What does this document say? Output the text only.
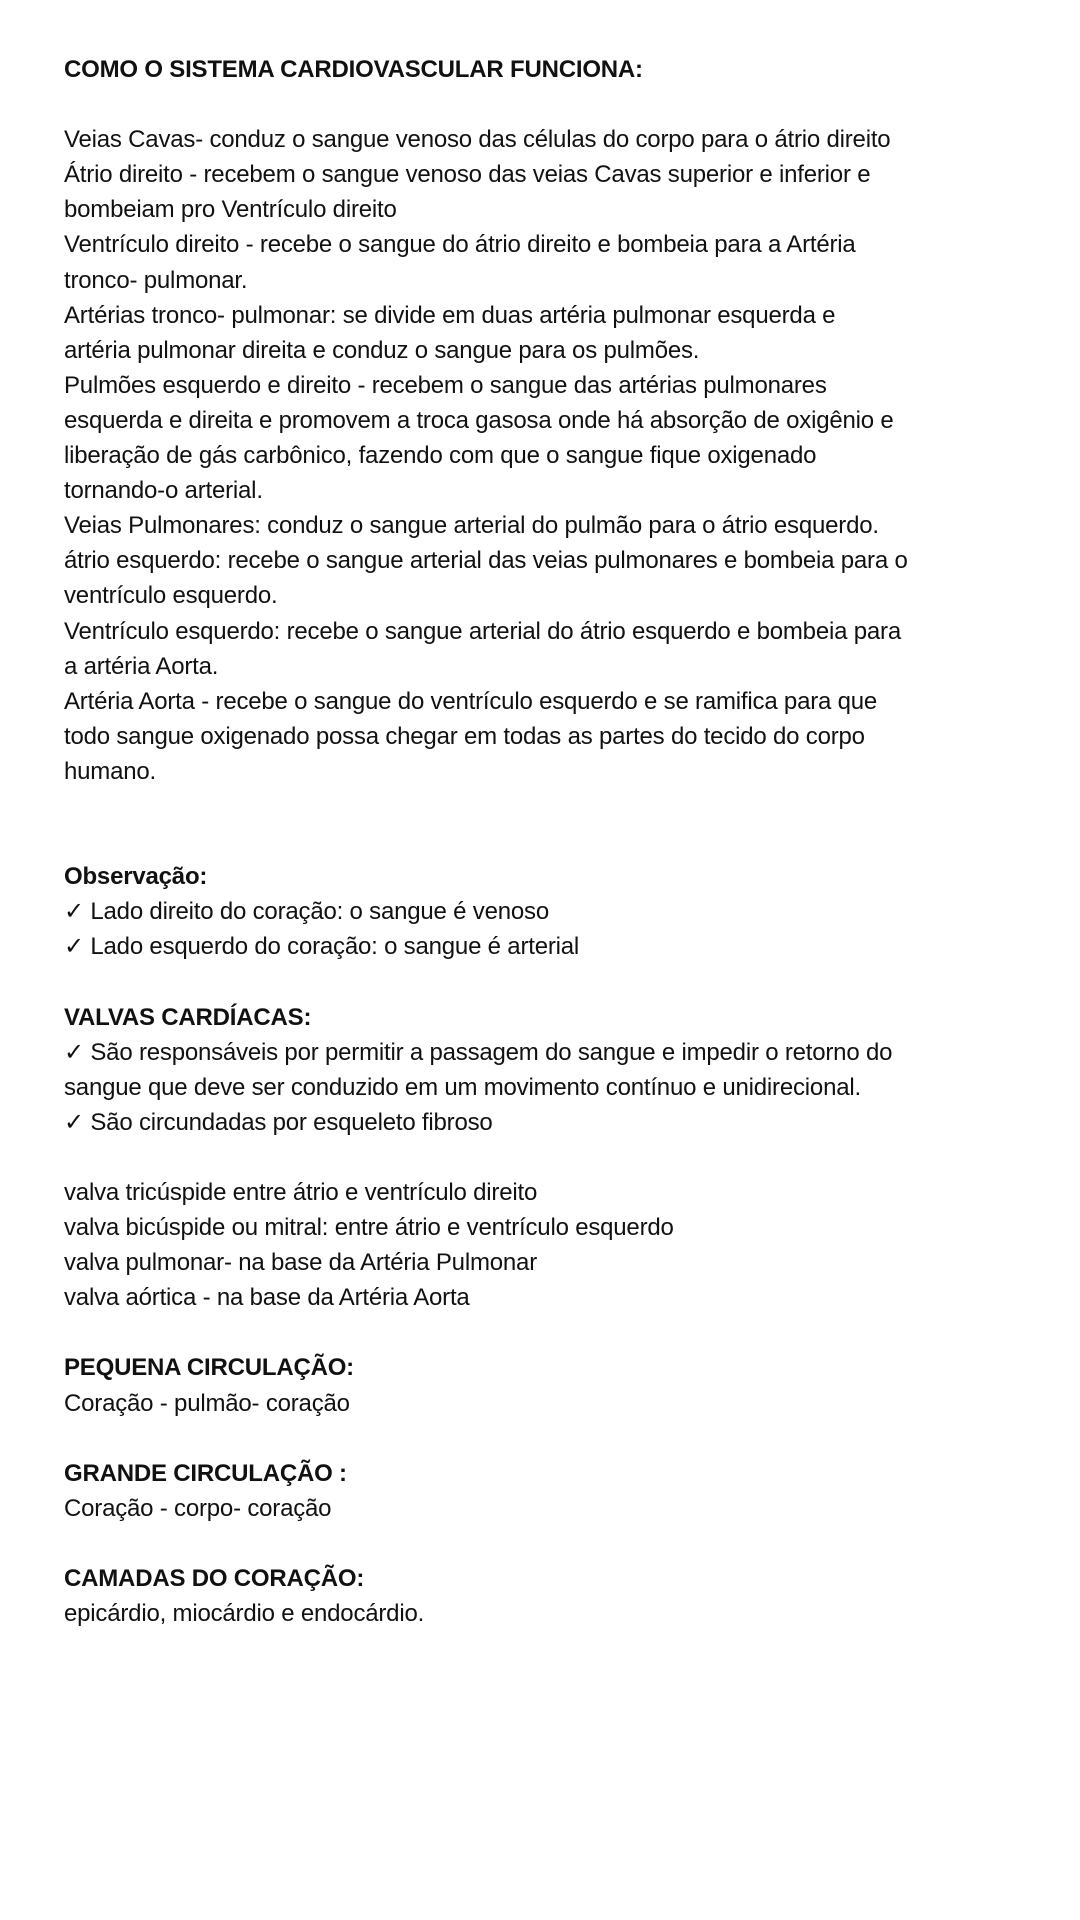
COMO O SISTEMA CARDIOVASCULAR FUNCIONA:
Veias Cavas- conduz o sangue venoso das células do corpo para o átrio direito
Átrio direito - recebem o sangue venoso das veias Cavas superior e inferior e
bombeiam pro Ventrículo direito
Ventrículo direito - recebe o sangue do átrio direito e bombeia para a Artéria
tronco- pulmonar.
Artérias tronco- pulmonar: se divide em duas artéria pulmonar esquerda e
artéria pulmonar direita e conduz o sangue para os pulmões.
Pulmões esquerdo e direito - recebem o sangue das artérias pulmonares
esquerda e direita e promovem a troca gasosa onde há absorção de oxigênio e
liberação de gás carbônico, fazendo com que o sangue fique oxigenado
tornando-o arterial.
Veias Pulmonares: conduz o sangue arterial do pulmão para o átrio esquerdo.
átrio esquerdo: recebe o sangue arterial das veias pulmonares e bombeia para o
ventrículo esquerdo.
Ventrículo esquerdo: recebe o sangue arterial do átrio esquerdo e bombeia para
a artéria Aorta.
Artéria Aorta - recebe o sangue do ventrículo esquerdo e se ramifica para que
todo sangue oxigenado possa chegar em todas as partes do tecido do corpo
humano.
Observação:
✓ Lado direito do coração: o sangue é venoso
✓ Lado esquerdo do coração: o sangue é arterial
VALVAS CARDÍACAS:
✓ São responsáveis por permitir a passagem do sangue e impedir o retorno do
sangue que deve ser conduzido em um movimento contínuo e unidirecional.
✓ São circundadas por esqueleto fibroso
valva tricúspide entre átrio e ventrículo direito
valva bicúspide ou mitral: entre átrio e ventrículo esquerdo
valva pulmonar- na base da Artéria Pulmonar
valva aórtica - na base da Artéria Aorta
PEQUENA CIRCULAÇÃO:
Coração - pulmão- coração
GRANDE CIRCULAÇÃO :
Coração - corpo- coração
CAMADAS DO CORAÇÃO:
epicárdio, miocárdio e endocárdio.
